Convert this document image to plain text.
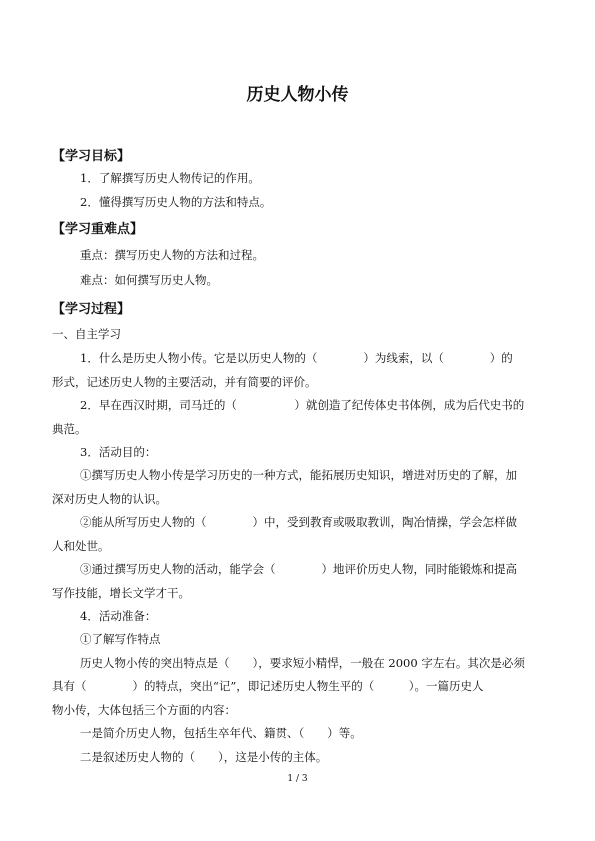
历史人物小传
【学习目标】
1．了解撰写历史人物传记的作用。
2．懂得撰写历史人物的方法和特点。
【学习重难点】
重点：撰写历史人物的方法和过程。
难点：如何撰写历史人物。
【学习过程】
一、自主学习
1．什么是历史人物小传。它是以历史人物的（　　　　）为线索，以（　　　　）的
形式，记述历史人物的主要活动，并有简要的评价。
2．早在西汉时期，司马迁的（　　　　　）就创造了纪传体史书体例，成为后代史书的
典范。
3．活动目的：
①撰写历史人物小传是学习历史的一种方式，能拓展历史知识，增进对历史的了解，加
深对历史人物的认识。
②能从所写历史人物的（　　　　）中，受到教育或吸取教训，陶冶情操，学会怎样做
人和处世。
③通过撰写历史人物的活动，能学会（　　　　）地评价历史人物，同时能锻炼和提高
写作技能，增长文学才干。
4．活动准备：
①了解写作特点
历史人物小传的突出特点是（　　），要求短小精悍，一般在 2000 字左右。其次是必须
具有（　　　　）的特点，突出“记”，即记述历史人物生平的（　　　）。一篇历史人
物小传，大体包括三个方面的内容：
一是简介历史人物，包括生卒年代、籍贯、（　　）等。
二是叙述历史人物的（　　），这是小传的主体。
1 / 3
